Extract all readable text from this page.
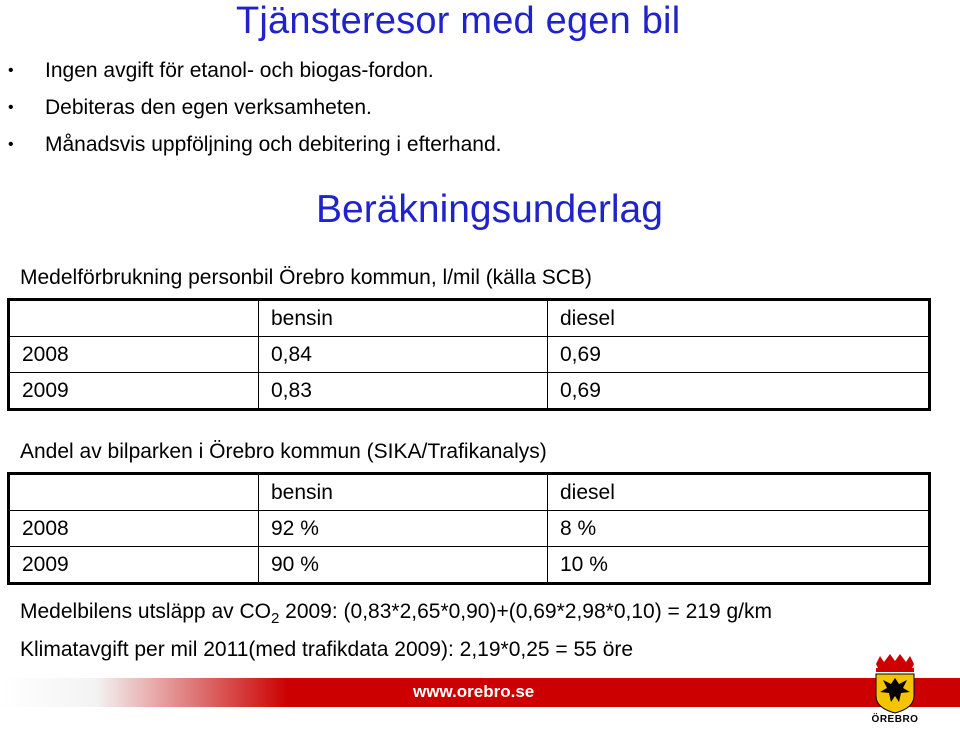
Tjänsteresor med egen bil
• Ingen avgift för etanol- och biogas-fordon.
• Debiteras den egen verksamheten.
• Månadsvis uppföljning och debitering i efterhand.
Beräkningsunderlag
Medelförbrukning personbil Örebro kommun, l/mil (källa SCB)
	bensin	diesel
2008	0,84	0,69
2009	0,83	0,69
Andel av bilparken i Örebro kommun (SIKA/Trafikanalys)
	bensin	diesel
2008	92 %	8 %
2009	90 %	10 %
Medelbilens utsläpp av $CO_2$ 2009: (0,83*2,65*0,90)+(0,69*2,98*0,10) = 219 g/km
Klimatavgift per mil 2011(med trafikdata 2009): 2,19*0,25 = 55 öre
www.orebro.se
ÖREBRO
